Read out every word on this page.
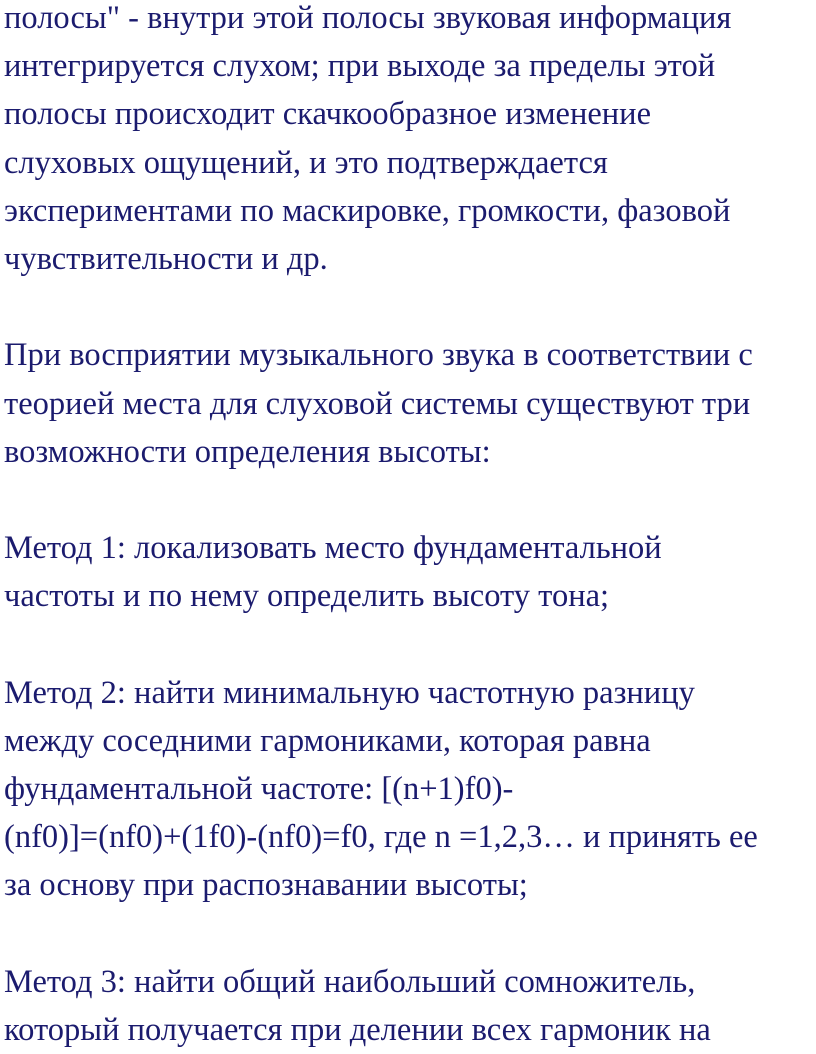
полосы" - внутри этой полосы звуковая информация
интегрируется слухом; при выходе за пределы этой
полосы происходит скачкообразное изменение
слуховых ощущений, и это подтверждается
экспериментами по маскировке, громкости, фазовой
чувствительности и др.

При восприятии музыкального звука в соответствии с
теорией места для слуховой системы существуют три
возможности определения высоты:

Метод 1: локализовать место фундаментальной
частоты и по нему определить высоту тона;

Метод 2: найти минимальную частотную разницу
между соседними гармониками, которая равна
фундаментальной частоте: [(n+1)f0)-
(nf0)]=(nf0)+(1f0)-(nf0)=f0, где n =1,2,3… и принять ее
за основу при распознавании высоты;

Метод 3: найти общий наибольший сомножитель,
который получается при делении всех гармоник на
